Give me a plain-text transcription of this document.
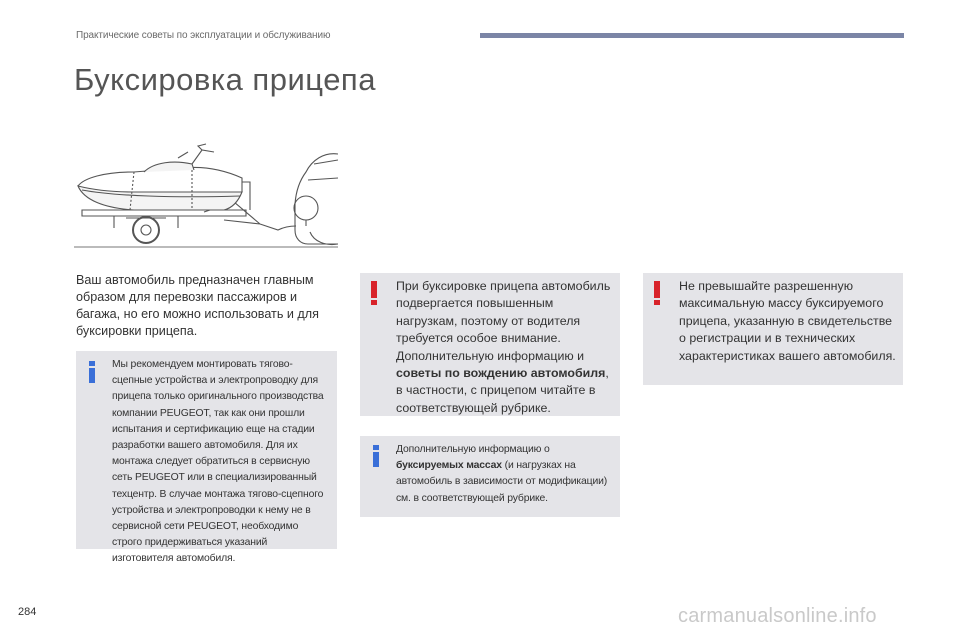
Практические советы по эксплуатации и обслуживанию
Буксировка прицепа

Ваш автомобиль предназначен главным образом для перевозки пассажиров и багажа, но его можно использовать и для буксировки прицепа.

Мы рекомендуем монтировать тягово-сцепные устройства и электропроводку для прицепа только оригинального производства компании PEUGEOT, так как они прошли испытания и сертификацию еще на стадии разработки вашего автомобиля. Для их монтажа следует обратиться в сервисную сеть PEUGEOT или в специализированный техцентр. В случае монтажа тягово-сцепного устройства и электропроводки к нему не в сервисной сети PEUGEOT, необходимо строго придерживаться указаний изготовителя автомобиля.

При буксировке прицепа автомобиль подвергается повышенным нагрузкам, поэтому от водителя требуется особое внимание. Дополнительную информацию и советы по вождению автомобиля, в частности, с прицепом читайте в соответствующей рубрике.

Дополнительную информацию о буксируемых массах (и нагрузках на автомобиль в зависимости от модификации) см. в соответствующей рубрике.

Не превышайте разрешенную максимальную массу буксируемого прицепа, указанную в свидетельстве о регистрации и в технических характеристиках вашего автомобиля.

284	carmanualsonline.info
